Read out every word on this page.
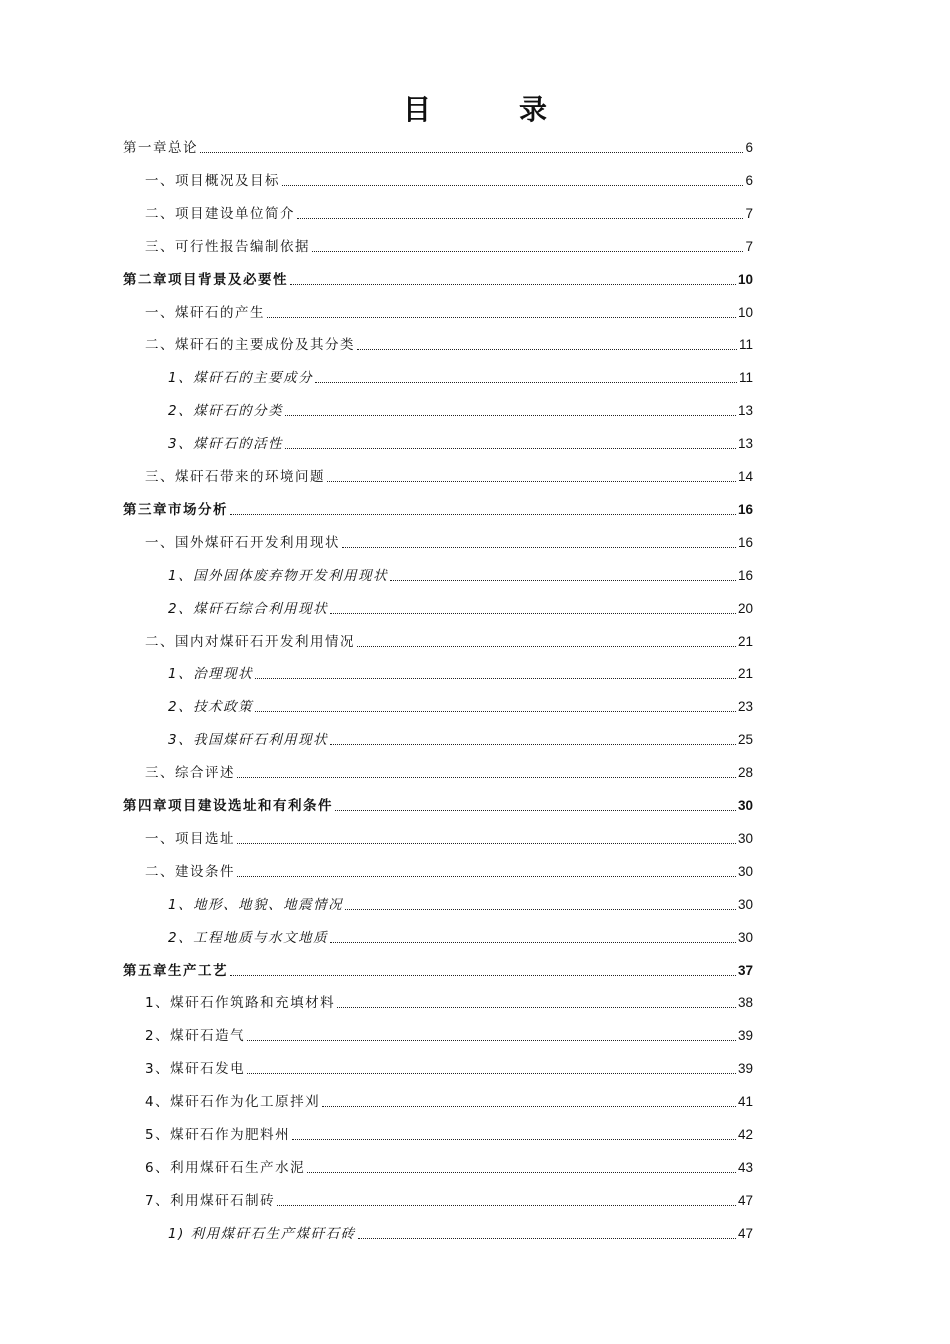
目　录
第一章总论	6
一、项目概况及目标	6
二、项目建设单位简介	7
三、可行性报告编制依据	7
第二章项目背景及必要性	10
一、煤矸石的产生	10
二、煤矸石的主要成份及其分类	11
1、煤矸石的主要成分	11
2、煤矸石的分类	13
3、煤矸石的活性	13
三、煤矸石带来的环境问题	14
第三章市场分析	16
一、国外煤矸石开发利用现状	16
1、国外固体废弃物开发利用现状	16
2、煤矸石综合利用现状	20
二、国内对煤矸石开发利用情况	21
1、治理现状	21
2、技术政策	23
3、我国煤矸石利用现状	25
三、综合评述	28
第四章项目建设选址和有利条件	30
一、项目选址	30
二、建设条件	30
1、地形、地貌、地震情况	30
2、工程地质与水文地质	30
第五章生产工艺	37
1、煤矸石作筑路和充填材料	38
2、煤矸石造气	39
3、煤矸石发电	39
4、煤矸石作为化工原拌刈	41
5、煤矸石作为肥料州	42
6、利用煤矸石生产水泥	43
7、利用煤矸石制砖	47
1) 利用煤矸石生产煤矸石砖	47
